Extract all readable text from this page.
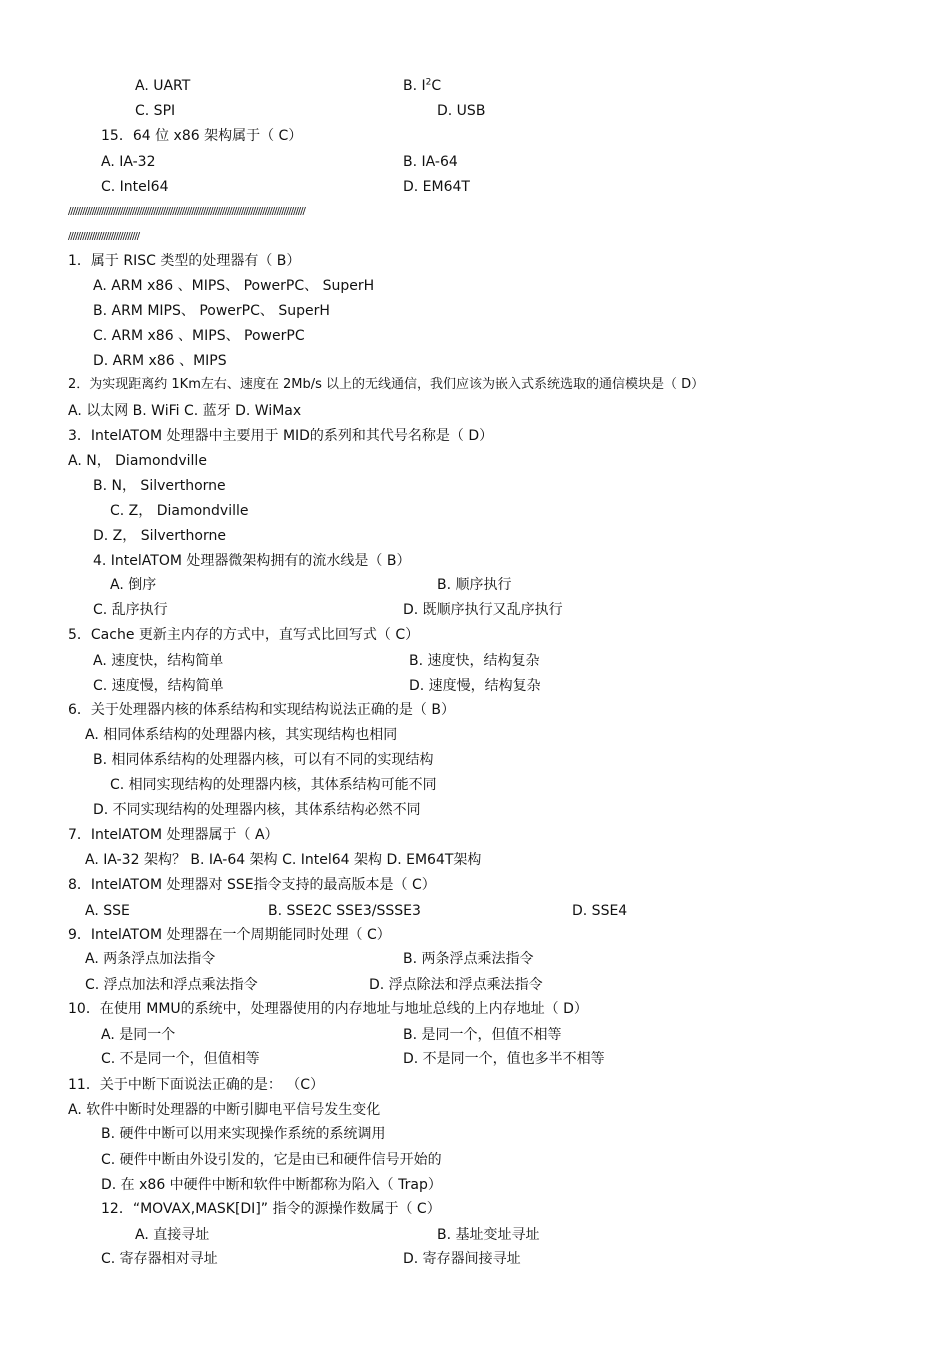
A. UART	B. $I^2C$
C. SPI	D. USB
15．64 位 x86 架构属于（ C）
A. IA-32	B. IA-64
C. Intel64	D. EM64T
////////////////////////////////////////////////////////////////////////////////////////////////////
//////////////////////////////
1．属于 RISC 类型的处理器有（ B）
A. ARM x86 、MIPS、 PowerPC、 SuperH
B. ARM MIPS、 PowerPC、 SuperH
C. ARM x86 、MIPS、 PowerPC
D. ARM x86 、MIPS
2．为实现距离约 1Km左右、速度在 2Mb/s 以上的无线通信，我们应该为嵌入式系统选取的通信模块是（ D）
A. 以太网 B. WiFi C. 蓝牙 D. WiMax
3．IntelATOM 处理器中主要用于 MID的系列和其代号名称是（ D）
A. N， Diamondville
B. N， Silverthorne
C. Z， Diamondville
D. Z， Silverthorne
4. IntelATOM 处理器微架构拥有的流水线是（ B）
A. 倒序	B. 顺序执行
C. 乱序执行	D. 既顺序执行又乱序执行
5．Cache 更新主内存的方式中，直写式比回写式（ C）
A. 速度快，结构简单	B. 速度快，结构复杂
C. 速度慢，结构简单	D. 速度慢，结构复杂
6．关于处理器内核的体系结构和实现结构说法正确的是（ B）
A. 相同体系结构的处理器内核，其实现结构也相同
B. 相同体系结构的处理器内核，可以有不同的实现结构
C. 相同实现结构的处理器内核，其体系结构可能不同
D. 不同实现结构的处理器内核，其体系结构必然不同
7．IntelATOM 处理器属于（ A）
A. IA-32 架构？ B. IA-64 架构 C. Intel64 架构 D. EM64T架构
8．IntelATOM 处理器对 SSE指令支持的最高版本是（ C）
A. SSE	B. SSE2C SSE3/SSSE3	D. SSE4
9．IntelATOM 处理器在一个周期能同时处理（ C）
A. 两条浮点加法指令	B. 两条浮点乘法指令
C. 浮点加法和浮点乘法指令	D. 浮点除法和浮点乘法指令
10．在使用 MMU的系统中，处理器使用的内存地址与地址总线的上内存地址（ D）
A. 是同一个	B. 是同一个，但值不相等
C. 不是同一个，但值相等	D. 不是同一个，值也多半不相等
11．关于中断下面说法正确的是： （C）
A. 软件中断时处理器的中断引脚电平信号发生变化
B. 硬件中断可以用来实现操作系统的系统调用
C. 硬件中断由外设引发的，它是由已和硬件信号开始的
D. 在 x86 中硬件中断和软件中断都称为陷入（ Trap）
12．“MOVAX,MASK[DI]” 指令的源操作数属于（ C）
A. 直接寻址	B. 基址变址寻址
C. 寄存器相对寻址	D. 寄存器间接寻址
